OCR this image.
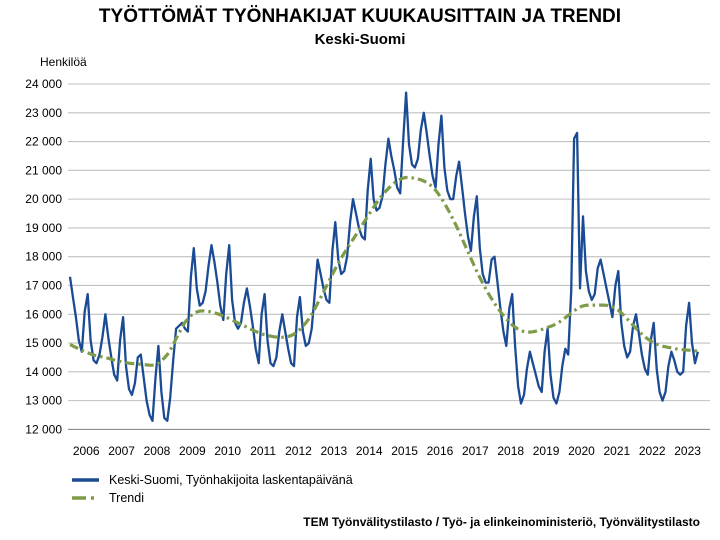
TYÖTTÖMÄT TYÖNHAKIJAT KUUKAUSITTAIN JA TRENDI
Keski-Suomi
Henkilöä
24 000
23 000
22 000
21 000
20 000
19 000
18 000
17 000
16 000
15 000
14 000
13 000
12 000
2006 2007 2008 2009 2010 2011 2012 2013 2014 2015 2016 2017 2018 2019 2020 2021 2022 2023
Keski-Suomi, Työnhakijoita laskentapäivänä
Trendi
TEM Työnvälitystilasto / Työ- ja elinkeinoministeriö, Työnvälitystilasto
